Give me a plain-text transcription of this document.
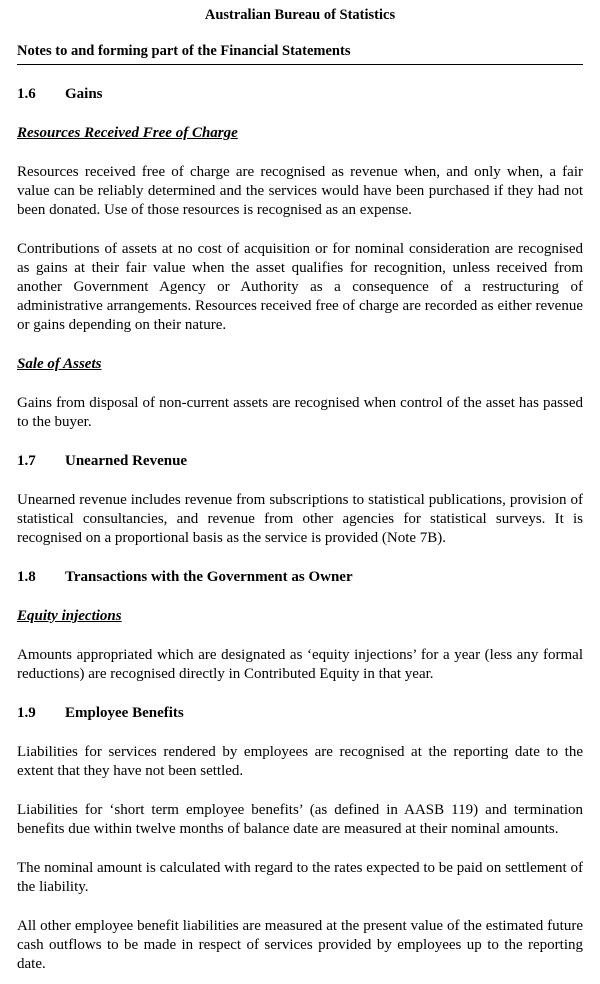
Australian Bureau of Statistics
Notes to and forming part of the Financial Statements
1.6 Gains
Resources Received Free of Charge
Resources received free of charge are recognised as revenue when, and only when, a fair value can be reliably determined and the services would have been purchased if they had not been donated. Use of those resources is recognised as an expense.
Contributions of assets at no cost of acquisition or for nominal consideration are recognised as gains at their fair value when the asset qualifies for recognition, unless received from another Government Agency or Authority as a consequence of a restructuring of administrative arrangements. Resources received free of charge are recorded as either revenue or gains depending on their nature.
Sale of Assets
Gains from disposal of non-current assets are recognised when control of the asset has passed to the buyer.
1.7 Unearned Revenue
Unearned revenue includes revenue from subscriptions to statistical publications, provision of statistical consultancies, and revenue from other agencies for statistical surveys. It is recognised on a proportional basis as the service is provided (Note 7B).
1.8 Transactions with the Government as Owner
Equity injections
Amounts appropriated which are designated as ‘equity injections’ for a year (less any formal reductions) are recognised directly in Contributed Equity in that year.
1.9 Employee Benefits
Liabilities for services rendered by employees are recognised at the reporting date to the extent that they have not been settled.
Liabilities for ‘short term employee benefits’ (as defined in AASB 119) and termination benefits due within twelve months of balance date are measured at their nominal amounts.
The nominal amount is calculated with regard to the rates expected to be paid on settlement of the liability.
All other employee benefit liabilities are measured at the present value of the estimated future cash outflows to be made in respect of services provided by employees up to the reporting date.
